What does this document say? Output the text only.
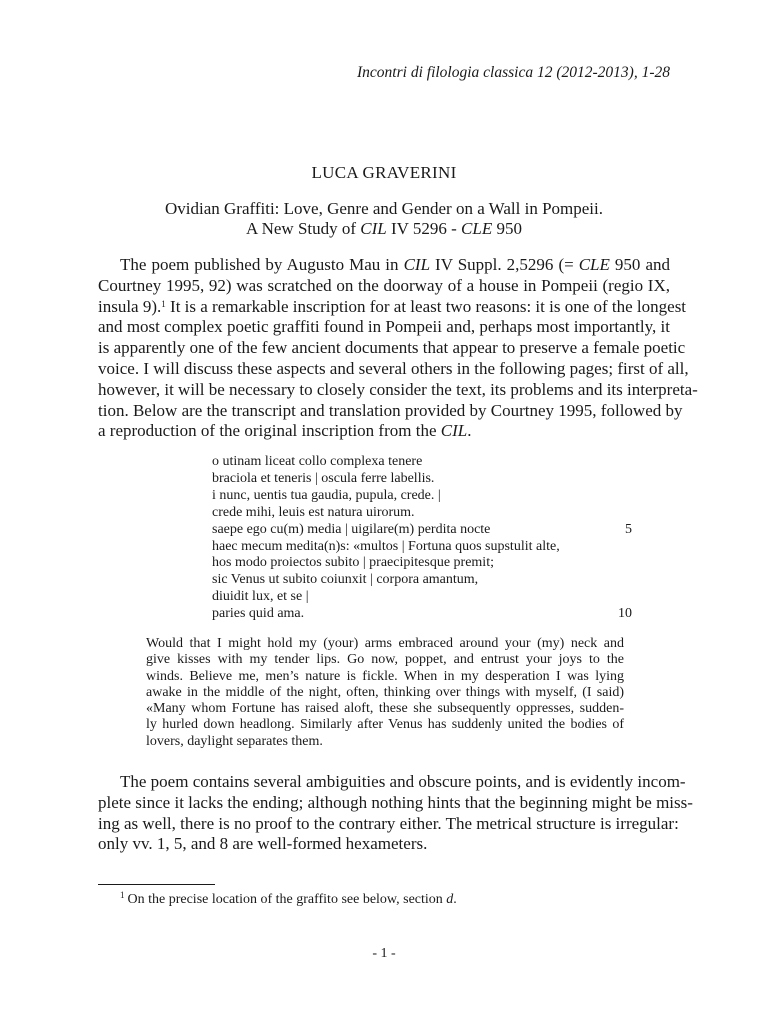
Incontri di filologia classica 12 (2012-2013), 1-28
LUCA GRAVERINI
Ovidian Graffiti: Love, Genre and Gender on a Wall in Pompeii.
A New Study of CIL IV 5296 - CLE 950
The poem published by Augusto Mau in CIL IV Suppl. 2,5296 (= CLE 950 and
Courtney 1995, 92) was scratched on the doorway of a house in Pompeii (regio IX,
insula 9).$^1$ It is a remarkable inscription for at least two reasons: it is one of the longest
and most complex poetic graffiti found in Pompeii and, perhaps most importantly, it
is apparently one of the few ancient documents that appear to preserve a female poetic
voice. I will discuss these aspects and several others in the following pages; first of all,
however, it will be necessary to closely consider the text, its problems and its interpreta-
tion. Below are the transcript and translation provided by Courtney 1995, followed by
a reproduction of the original inscription from the CIL.
o utinam liceat collo complexa tenere
braciola et teneris | oscula ferre labellis.
i nunc, uentis tua gaudia, pupula, crede. |
crede mihi, leuis est natura uirorum.
saepe ego cu(m) media | uigilare(m) perdita nocte	5
haec mecum medita(n)s: «multos | Fortuna quos supstulit alte,
hos modo proiectos subito | praecipitesque premit;
sic Venus ut subito coiunxit | corpora amantum,
diuidit lux, et se |
paries quid ama.	10
Would that I might hold my (your) arms embraced around your (my) neck and
give kisses with my tender lips. Go now, poppet, and entrust your joys to the
winds. Believe me, men’s nature is fickle. When in my desperation I was lying
awake in the middle of the night, often, thinking over things with myself, (I said)
«Many whom Fortune has raised aloft, these she subsequently oppresses, sudden-
ly hurled down headlong. Similarly after Venus has suddenly united the bodies of
lovers, daylight separates them.
The poem contains several ambiguities and obscure points, and is evidently incom-
plete since it lacks the ending; although nothing hints that the beginning might be miss-
ing as well, there is no proof to the contrary either. The metrical structure is irregular:
only vv. 1, 5, and 8 are well-formed hexameters.
$^1$ On the precise location of the graffito see below, section d.
- 1 -
